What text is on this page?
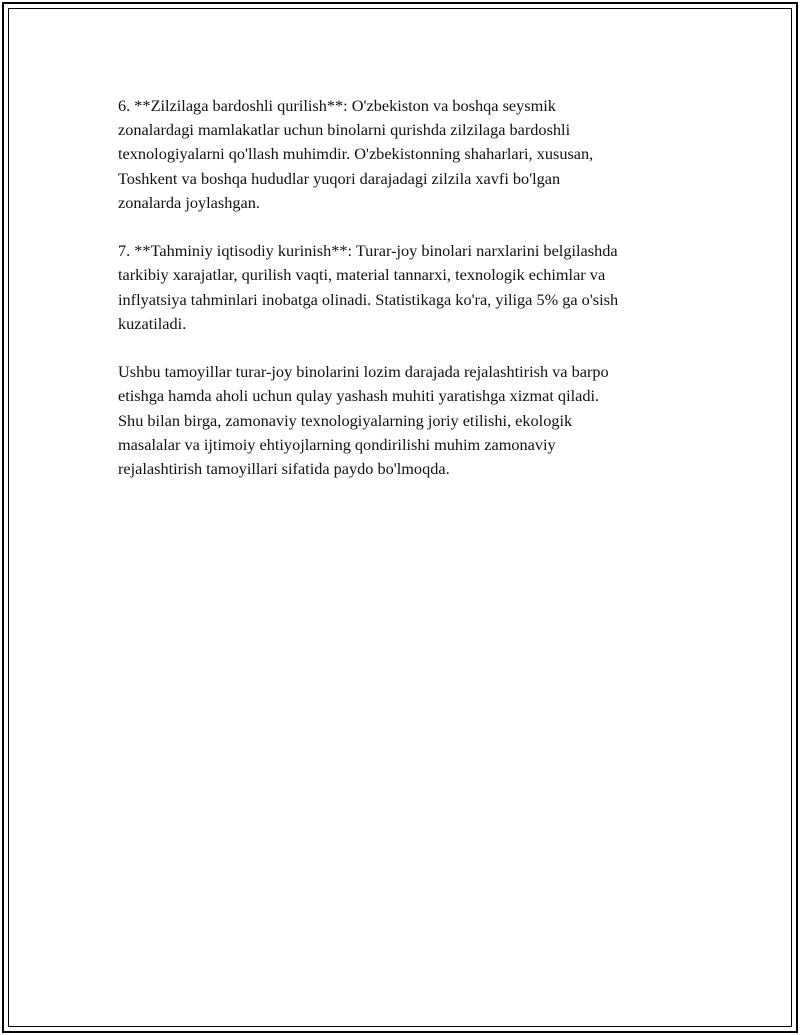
6. **Zilzilaga bardoshli qurilish**: O'zbekiston va boshqa seysmik
zonalardagi mamlakatlar uchun binolarni qurishda zilzilaga bardoshli
texnologiyalarni qo'llash muhimdir. O'zbekistonning shaharlari, xususan,
Toshkent va boshqa hududlar yuqori darajadagi zilzila xavfi bo'lgan
zonalarda joylashgan.

7. **Tahminiy iqtisodiy kurinish**: Turar-joy binolari narxlarini belgilashda
tarkibiy xarajatlar, qurilish vaqti, material tannarxi, texnologik echimlar va
inflyatsiya tahminlari inobatga olinadi. Statistikaga ko'ra, yiliga 5% ga o'sish
kuzatiladi.

Ushbu tamoyillar turar-joy binolarini lozim darajada rejalashtirish va barpo
etishga hamda aholi uchun qulay yashash muhiti yaratishga xizmat qiladi.
Shu bilan birga, zamonaviy texnologiyalarning joriy etilishi, ekologik
masalalar va ijtimoiy ehtiyojlarning qondirilishi muhim zamonaviy
rejalashtirish tamoyillari sifatida paydo bo'lmoqda.
